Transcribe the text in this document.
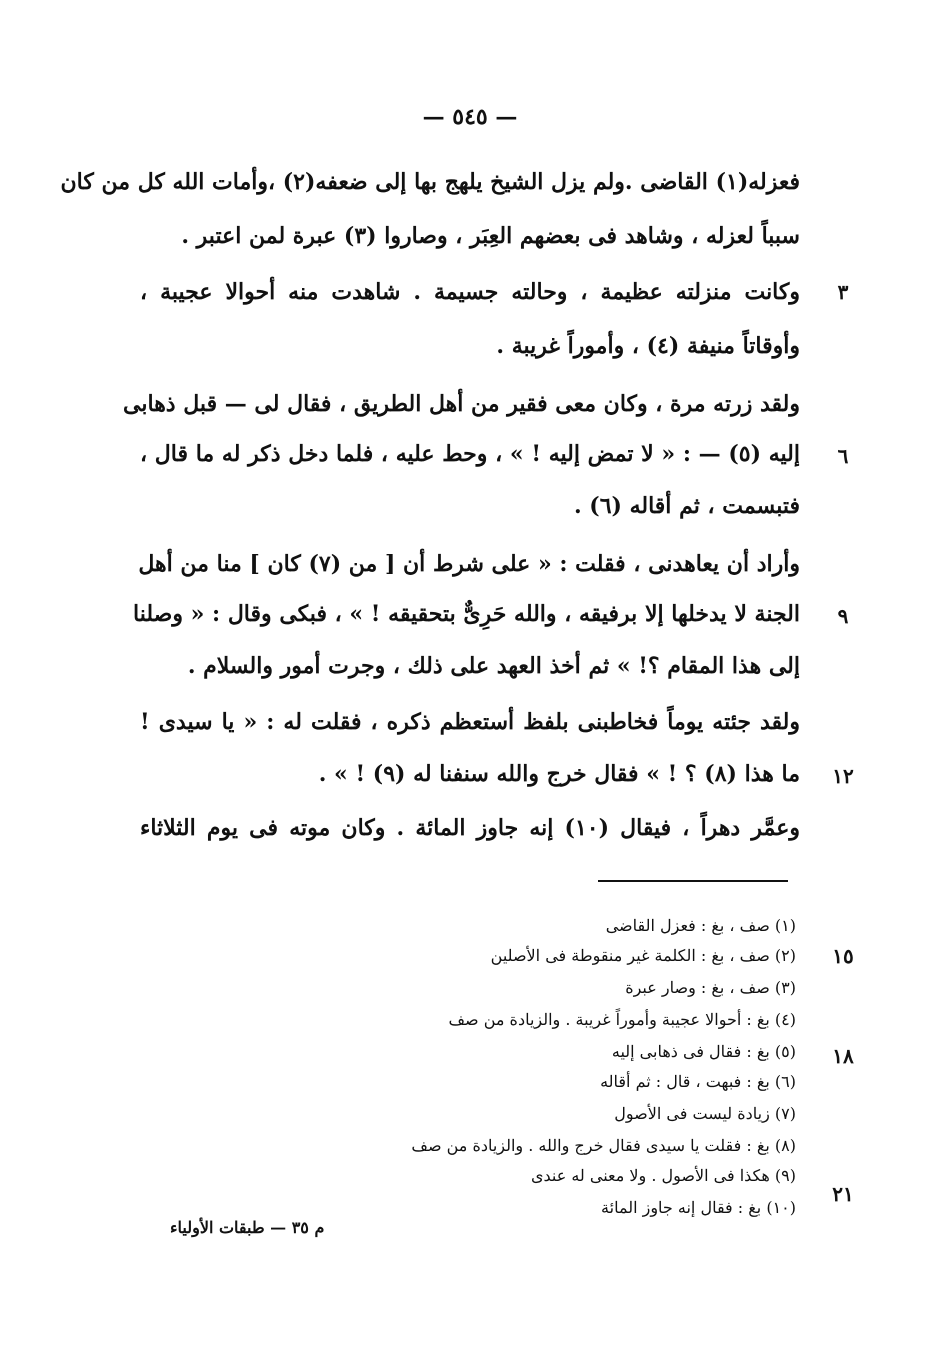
— ٥٤٥ —
فعزله(١) القاضى .ولم يزل الشيخ يلهج بها إلى ضعفه(٢) ،وأمات الله كل من كان
سبباً لعزله ، وشاهد فى بعضهم العِبَر ، وصاروا (٣) عبرة لمن اعتبر .
وكانت منزلته عظيمة ، وحالته جسيمة . شاهدت منه أحوالا عجيبة ،
وأوقاتاً منيفة (٤) ، وأموراً غريبة .
ولقد زرته مرة ، وكان معى فقير من أهل الطريق ، فقال لى — قبل ذهابى
إليه (٥) — : « لا تمض إليه ! » ، وحط عليه ، فلما دخل ذكر له ما قال ،
فتبسمت ، ثم أقاله (٦) .
وأراد أن يعاهدنى ، فقلت : « على شرط أن [ من (٧) كان ] منا من أهل
الجنة لا يدخلها إلا برفيقه ، والله حَرِىٌّ بتحقيقه ! » ، فبكى وقال : « وصلنا
إلى هذا المقام ؟! » ثم أخذ العهد على ذلك ، وجرت أمور والسلام .
ولقد جئته يوماً فخاطبنى بلفظ أستعظم ذكره ، فقلت له : « يا سيدى !
ما هذا (٨) ؟ ! » فقال خرج والله سنفنا له (٩) ! » .
وعمَّر دهراً ، فيقال (١٠) إنه جاوز المائة . وكان موته فى يوم الثلاثاء
٣
٦
٩
١٢
١٥
١٨
٢١
(١) صف ، بغ : فعزل القاضى
(٢) صف ، بغ : الكلمة غير منقوطة فى الأصلين
(٣) صف ، بغ : وصار عبرة
(٤) بغ : أحوالا عجيبة وأموراً غريبة . والزيادة من صف
(٥) بغ : فقال فى ذهابى إليه
(٦) بغ : فبهت ، قال : ثم أقاله
(٧) زيادة ليست فى الأصول
(٨) بغ : فقلت يا سيدى فقال خرج والله . والزيادة من صف
(٩) هكذا فى الأصول . ولا معنى له عندى
(١٠) بغ : فقال إنه جاوز المائة
م ٣٥ — طبقات الأولياء
